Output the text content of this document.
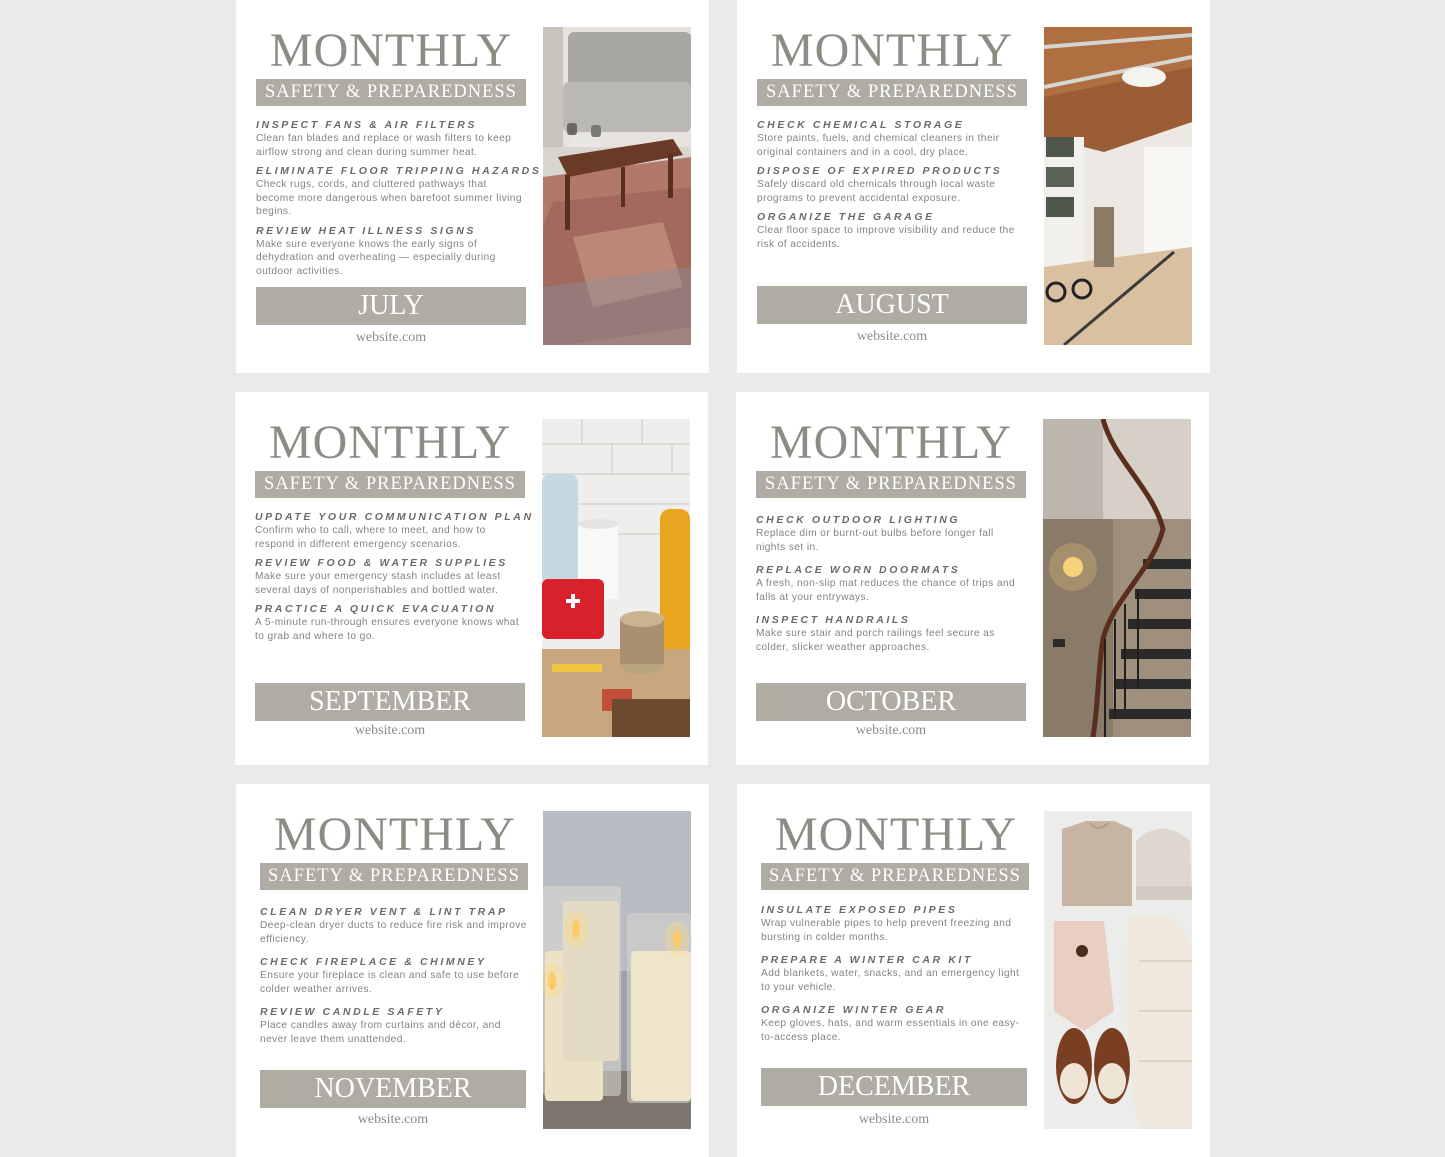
MONTHLY
SAFETY & PREPAREDNESS
INSPECT FANS & AIR FILTERS
Clean fan blades and replace or wash filters to keep airflow strong and clean during summer heat.
ELIMINATE FLOOR TRIPPING HAZARDS
Check rugs, cords, and cluttered pathways that become more dangerous when barefoot summer living begins.
REVIEW HEAT ILLNESS SIGNS
Make sure everyone knows the early signs of dehydration and overheating — especially during outdoor activities.
JULY
website.com
MONTHLY
SAFETY & PREPAREDNESS
CHECK CHEMICAL STORAGE
Store paints, fuels, and chemical cleaners in their original containers and in a cool, dry place.
DISPOSE OF EXPIRED PRODUCTS
Safely discard old chemicals through local waste programs to prevent accidental exposure.
ORGANIZE THE GARAGE
Clear floor space to improve visibility and reduce the risk of accidents.
AUGUST
website.com
MONTHLY
SAFETY & PREPAREDNESS
UPDATE YOUR COMMUNICATION PLAN
Confirm who to call, where to meet, and how to respond in different emergency scenarios.
REVIEW FOOD & WATER SUPPLIES
Make sure your emergency stash includes at least several days of nonperishables and bottled water.
PRACTICE A QUICK EVACUATION
A 5-minute run-through ensures everyone knows what to grab and where to go.
SEPTEMBER
website.com
MONTHLY
SAFETY & PREPAREDNESS
CHECK OUTDOOR LIGHTING
Replace dim or burnt-out bulbs before longer fall nights set in.
REPLACE WORN DOORMATS
A fresh, non-slip mat reduces the chance of trips and falls at your entryways.
INSPECT HANDRAILS
Make sure stair and porch railings feel secure as colder, slicker weather approaches.
OCTOBER
website.com
MONTHLY
SAFETY & PREPAREDNESS
CLEAN DRYER VENT & LINT TRAP
Deep-clean dryer ducts to reduce fire risk and improve efficiency.
CHECK FIREPLACE & CHIMNEY
Ensure your fireplace is clean and safe to use before colder weather arrives.
REVIEW CANDLE SAFETY
Place candles away from curtains and décor, and never leave them unattended.
NOVEMBER
website.com
MONTHLY
SAFETY & PREPAREDNESS
INSULATE EXPOSED PIPES
Wrap vulnerable pipes to help prevent freezing and bursting in colder months.
PREPARE A WINTER CAR KIT
Add blankets, water, snacks, and an emergency light to your vehicle.
ORGANIZE WINTER GEAR
Keep gloves, hats, and warm essentials in one easy-to-access place.
DECEMBER
website.com
